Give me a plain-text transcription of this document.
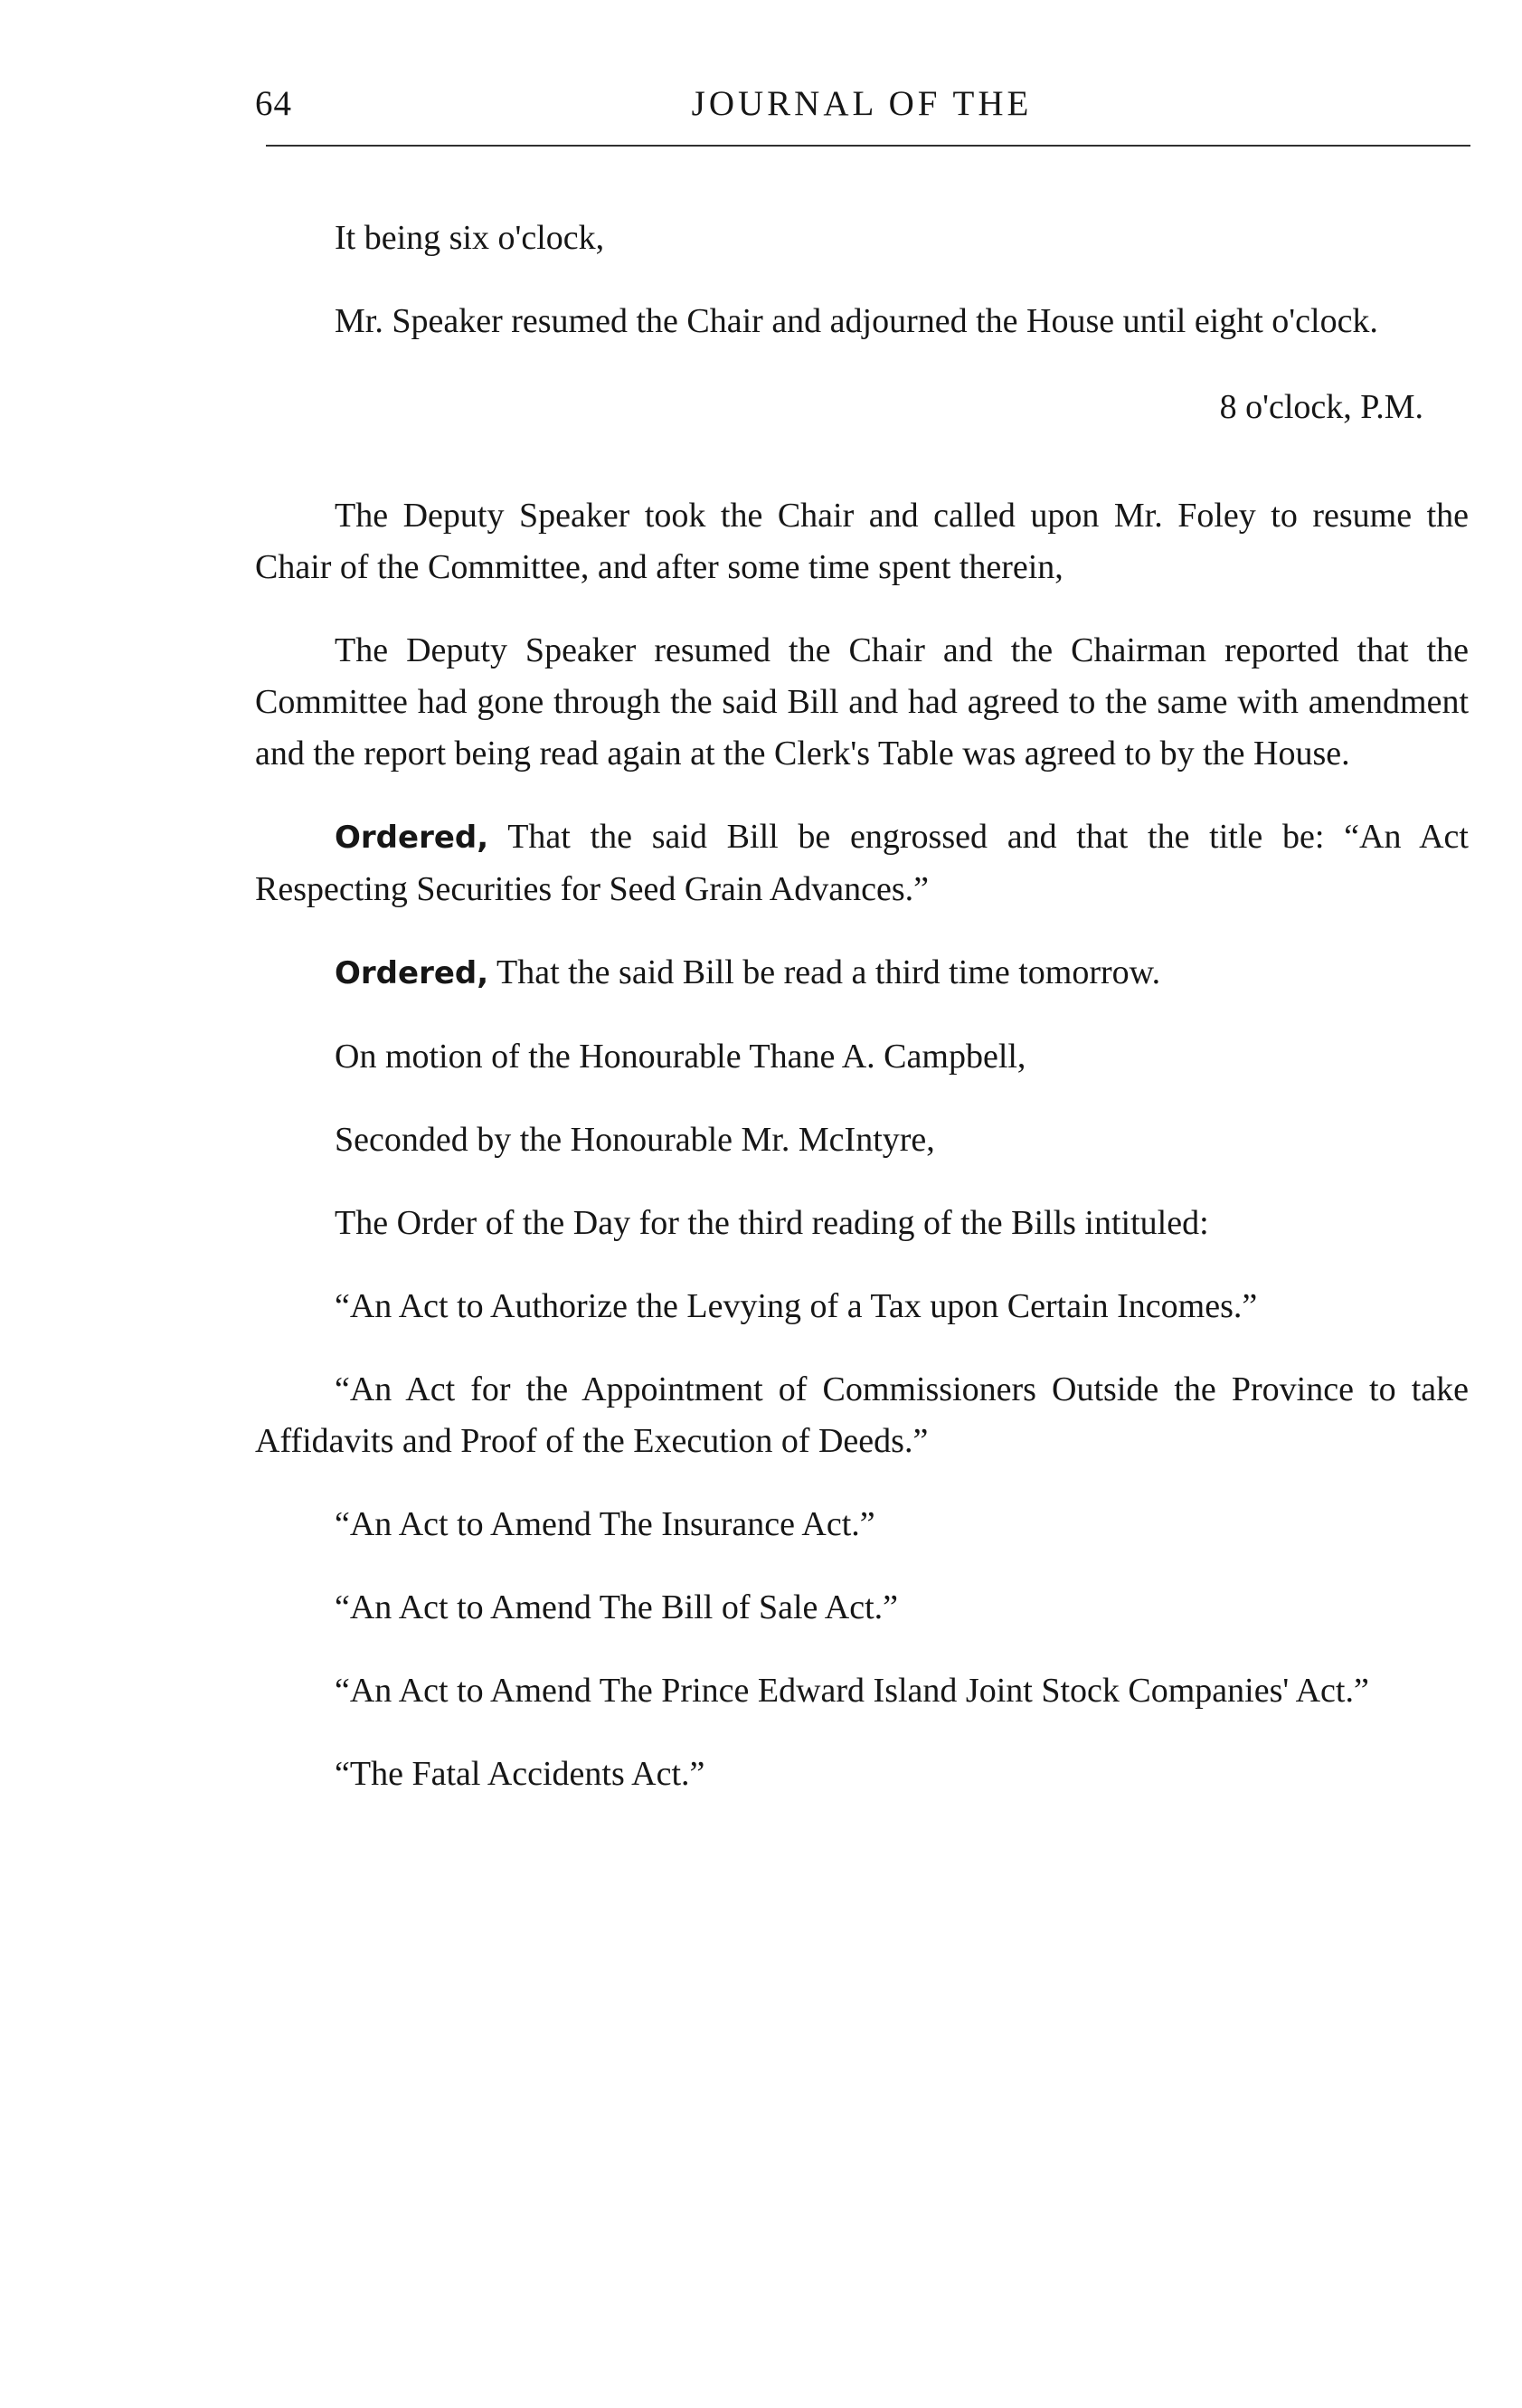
64	JOURNAL OF THE

It being six o'clock,

Mr. Speaker resumed the Chair and adjourned the House until eight o'clock.

8 o'clock, P.M.

The Deputy Speaker took the Chair and called upon Mr. Foley to resume the Chair of the Committee, and after some time spent therein,

The Deputy Speaker resumed the Chair and the Chairman reported that the Committee had gone through the said Bill and had agreed to the same with amendment and the report being read again at the Clerk's Table was agreed to by the House.

Ordered, That the said Bill be engrossed and that the title be: “An Act Respecting Securities for Seed Grain Advances.”

Ordered, That the said Bill be read a third time tomorrow.

On motion of the Honourable Thane A. Campbell,

Seconded by the Honourable Mr. McIntyre,

The Order of the Day for the third reading of the Bills intituled:

“An Act to Authorize the Levying of a Tax upon Certain Incomes.”

“An Act for the Appointment of Commissioners Outside the Province to take Affidavits and Proof of the Execution of Deeds.”

“An Act to Amend The Insurance Act.”

“An Act to Amend The Bill of Sale Act.”

“An Act to Amend The Prince Edward Island Joint Stock Companies' Act.”

“The Fatal Accidents Act.”
